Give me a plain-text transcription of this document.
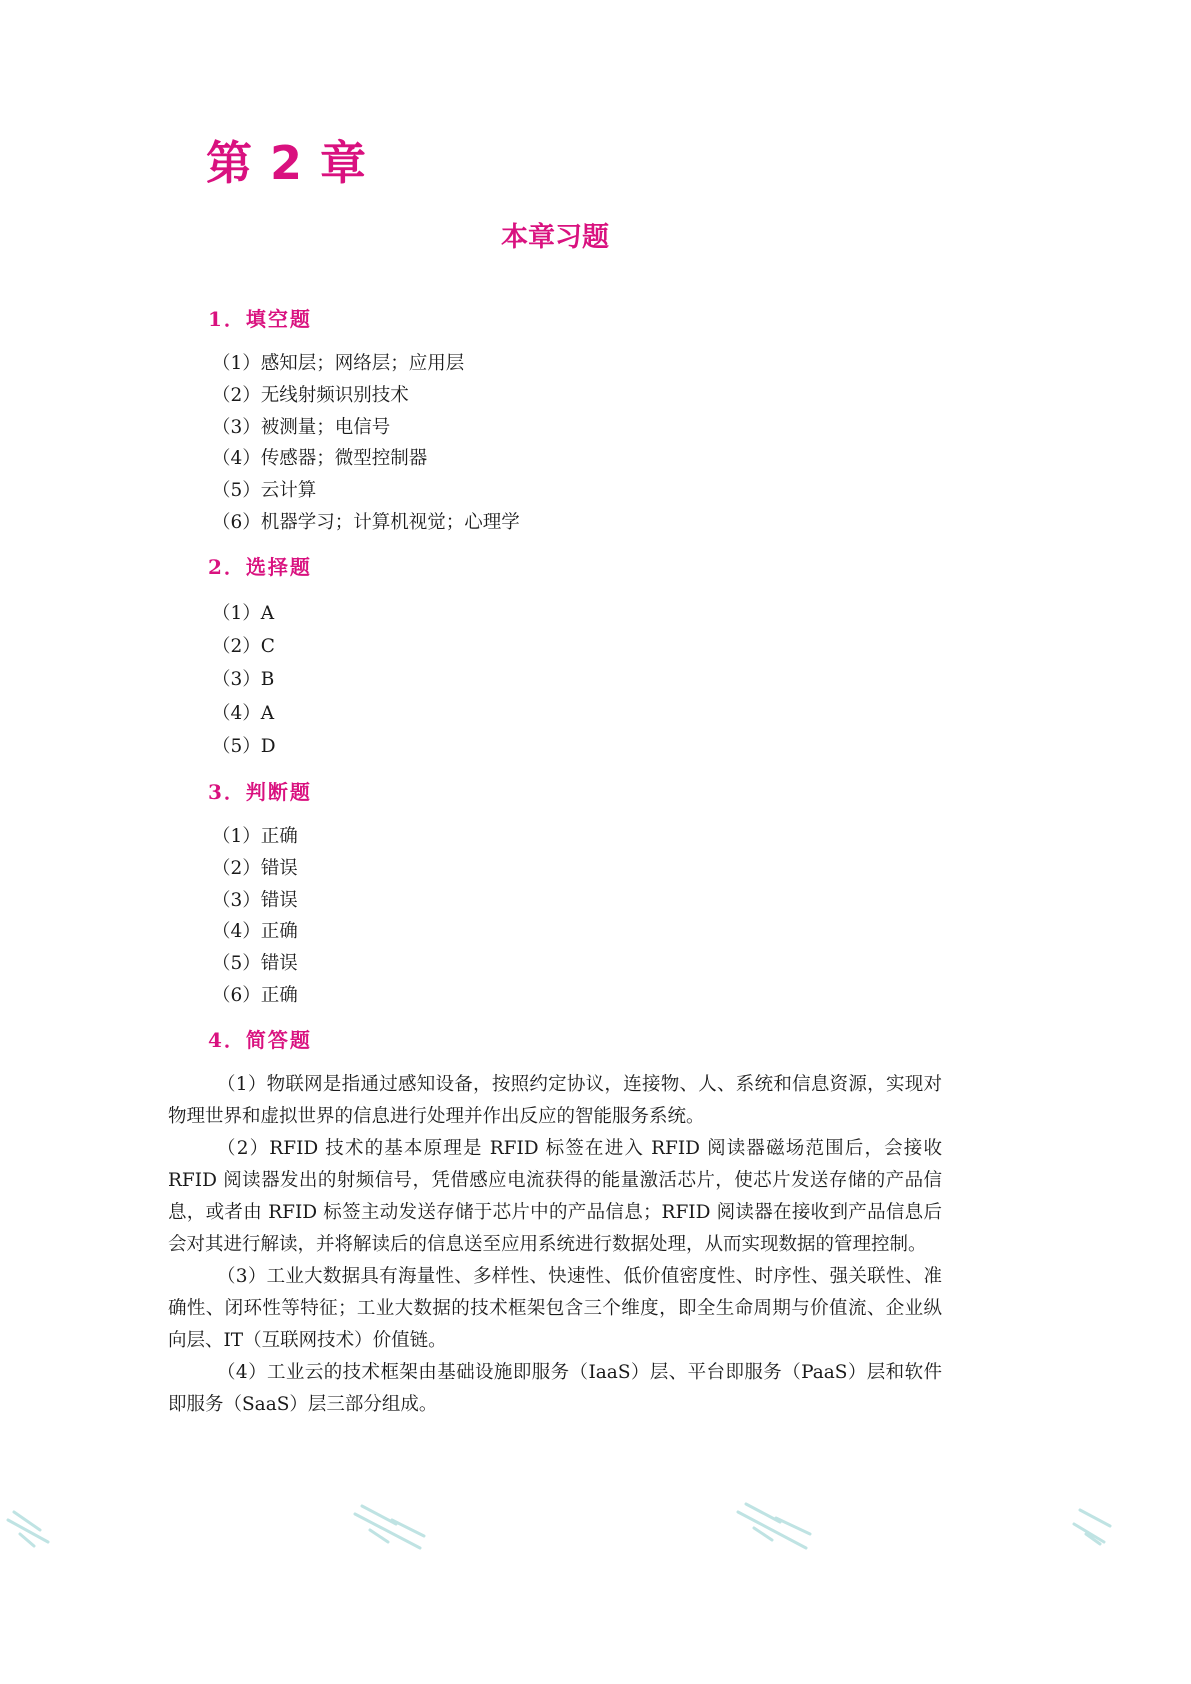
第 2 章
本章习题
1．填空题
（1）感知层；网络层；应用层
（2）无线射频识别技术
（3）被测量；电信号
（4）传感器；微型控制器
（5）云计算
（6）机器学习；计算机视觉；心理学
2．选择题
（1）A
（2）C
（3）B
（4）A
（5）D
3．判断题
（1）正确
（2）错误
（3）错误
（4）正确
（5）错误
（6）正确
4．简答题

（1）物联网是指通过感知设备，按照约定协议，连接物、人、系统和信息资源，实现对物理世界和虚拟世界的信息进行处理并作出反应的智能服务系统。

（2）RFID 技术的基本原理是 RFID 标签在进入 RFID 阅读器磁场范围后，会接收 RFID 阅读器发出的射频信号，凭借感应电流获得的能量激活芯片，使芯片发送存储的产品信息，或者由 RFID 标签主动发送存储于芯片中的产品信息；RFID 阅读器在接收到产品信息后会对其进行解读，并将解读后的信息送至应用系统进行数据处理，从而实现数据的管理控制。

（3）工业大数据具有海量性、多样性、快速性、低价值密度性、时序性、强关联性、准确性、闭环性等特征；工业大数据的技术框架包含三个维度，即全生命周期与价值流、企业纵向层、IT（互联网技术）价值链。

（4）工业云的技术框架由基础设施即服务（IaaS）层、平台即服务（PaaS）层和软件即服务（SaaS）层三部分组成。
